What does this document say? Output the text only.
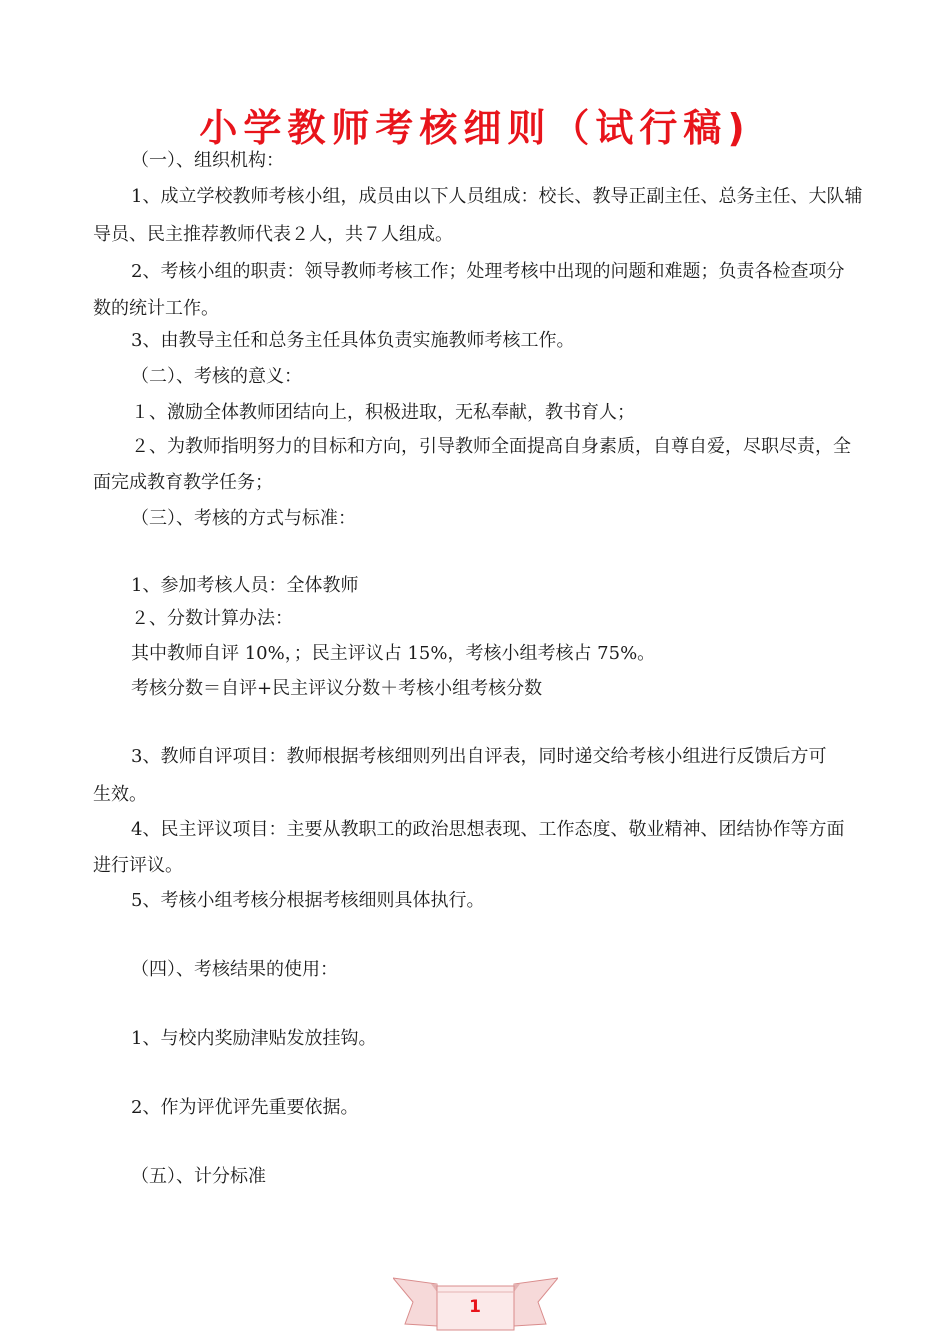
小学教师考核细则（试行稿)
（一）、组织机构：
1、成立学校教师考核小组，成员由以下人员组成：校长、教导正副主任、总务主任、大队辅
导员、民主推荐教师代表２人，共７人组成。
2、考核小组的职责：领导教师考核工作；处理考核中出现的问题和难题；负责各检查项分
数的统计工作。
3、由教导主任和总务主任具体负责实施教师考核工作。
（二）、考核的意义：
１、激励全体教师团结向上，积极进取，无私奉献，教书育人；
２、为教师指明努力的目标和方向，引导教师全面提高自身素质，自尊自爱，尽职尽责，全
面完成教育教学任务；
（三）、考核的方式与标准：
1、参加考核人员：全体教师
２、分数计算办法：
其中教师自评 10%，；民主评议占 15%，考核小组考核占 75%。
考核分数＝自评+民主评议分数＋考核小组考核分数
3、教师自评项目：教师根据考核细则列出自评表，同时递交给考核小组进行反馈后方可
生效。
4、民主评议项目：主要从教职工的政治思想表现、工作态度、敬业精神、团结协作等方面
进行评议。
5、考核小组考核分根据考核细则具体执行。
（四）、考核结果的使用：
1、与校内奖励津贴发放挂钩。
2、作为评优评先重要依据。
（五）、计分标准
1
